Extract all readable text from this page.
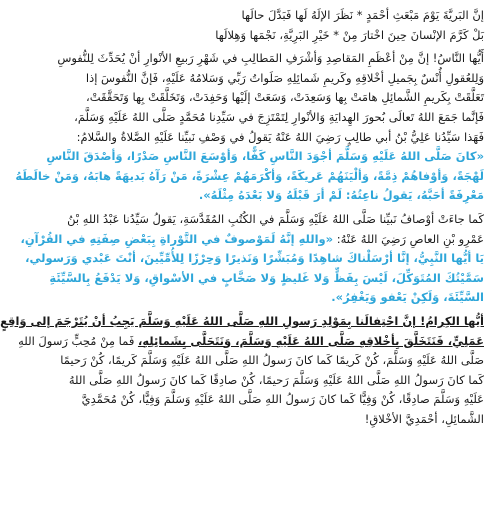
إنَّ البَريَّةَ يَوْمَ مَبْعَثِ أحْمَدٍ * نَظَرَ الإلَهُ لَها فَبَدَّلَ حالَها
بَلْ كَرَّمَ الإنْسانَ حِينَ اخْتارَ مِنْ * خَيْرِ البَرِيَّةِ، نَجْمَها وَهِلالَها

أَيُّها النَّاسُ! إنَّ مِنْ أعْظَمِ المَقاصِدِ وَأشْرَفِ المَطالِبِ في شَهْرِ رَبيعِ الأنْوارِ أنْ يُحَدِّثَ لِلنُّفوسِ
وَلِلعُقولِ أُنْسٌ بِجَميلِ أخْلاقِهِ وكَريمِ شَمائِلِهِ صَلَواتُ رَبِّي وَسَلامُهُ عَلَيْهِ، فَإنَّ النُّفوسَ إذا
تَعَلَّقَتْ بِكَريمِ الشَّمائِلِ هامَتْ بِها وَسَعِدَتْ، وَسَعَتْ إلَيْها وَحَفِدَتْ، وَتَخَلَّقَتْ بِها وَتَحَقَّقَتْ،
فَإنَّما جَمَعَ اللهُ تَعالَى بُحورَ الهِدايَةِ وَالأنْوارِ لِتَمْتَزِجَ في سَيِّدِنا مُحَمَّدٍ صَلَّى اللهُ عَلَيْهِ وَسَلَّمَ،
فَهَذا سَيِّدُنا عَلِيُّ بْنُ أبي طالِبٍ رَضِيَ اللهُ عَنْهُ يَقولُ في وَصْفِ نَبيِّنا عَلَيْهِ الصَّلاةُ والسَّلامُ:
«كانَ صَلَّى اللهُ عَلَيْهِ وَسَلَّمَ أجْوَدَ النَّاسِ كَفًّا، وَأوْسَعَ النَّاسِ صَدْرًا، وَأصْدَقَ النَّاسِ
لَهْجَةً، وَأوْفاهُمْ ذِمَّةً، وَألْيَنَهُمْ عَريكَةً، وَأكْرَمَهُمْ عِشْرَةً، مَنْ رَآهُ بَديهَةً هابَهُ، وَمَنْ خالَطَهُ
مَعْرِفَةً أحَبَّهُ، يَقولُ ناعِتُهُ: لَمْ أرَ قَبْلَهُ وَلا بَعْدَهُ مِثْلَهُ».

كَما جاءَتْ أوْصافُ نَبيِّنا صَلَّى اللهُ عَلَيْهِ وَسَلَّمَ في الكُتُبِ المُقَدَّسَةِ، يَقولُ سَيِّدُنا عَبْدُ اللهِ بْنُ
عَمْرِو بْنِ العاصِ رَضِيَ اللهُ عَنْهُ: «واللهِ إنَّهُ لَمَوْصوفٌ في التَّوْراةِ بِبَعْضِ صِفَتِهِ في القُرْآنِ،
يَا أيُّها النَّبِيُّ، إنَّا أرْسَلْناكَ شاهِدًا وَمُبَشِّرًا وَنَذيرًا وَحِرْزًا لِلأُمِّيِّينَ، أنْتَ عَبْدي وَرَسولي،
سَمَّيْتُكَ المُتَوَكِّلَ، لَيْسَ بِفَظٍّ وَلا غَليظٍ وَلا صَخَّابٍ في الأسْواقِ، وَلا يَدْفَعُ بِالسَّيِّئَةِ
السَّيِّئَةَ، وَلَكِنْ يَعْفو وَيَغْفِرُ».

أيُّها الكِرامُ! إنَّ احْتِفالَنا بِمَوْلِدِ رَسولِ اللهِ صَلَّى اللهُ عَلَيْهِ وَسَلَّمَ يَجِبُ أنْ يُتَرْجَمَ إلى وَاقِعٍ
عَمَلِيٍّ، فَنَتَخَلَّقَ بِأخْلاقِهِ صَلَّى اللهُ عَلَيْهِ وَسَلَّمَ، وَنَتَحَلَّى بِشَمائِلِهِ، فَما مِنْ مُحِبٍّ رَسولَ اللهِ
صَلَّى اللهُ عَلَيْهِ وَسَلَّمَ، كُنْ كَريمًا كَما كانَ رَسولُ اللهِ صَلَّى اللهُ عَلَيْهِ وَسَلَّمَ كَريمًا، كُنْ رَحيمًا
كَما كانَ رَسولُ اللهِ صَلَّى اللهُ عَلَيْهِ وَسَلَّمَ رَحيمًا، كُنْ صادِقًا كَما كانَ رَسولُ اللهِ صَلَّى اللهُ
عَلَيْهِ وَسَلَّمَ صادِقًا، كُنْ وَفِيًّا كَما كانَ رَسولُ اللهِ صَلَّى اللهُ عَلَيْهِ وَسَلَّمَ وَفِيًّا، كُنْ مُحَمَّدِيَّ
الشَّمائِلِ، أحْمَدِيَّ الأخْلاقِ!
